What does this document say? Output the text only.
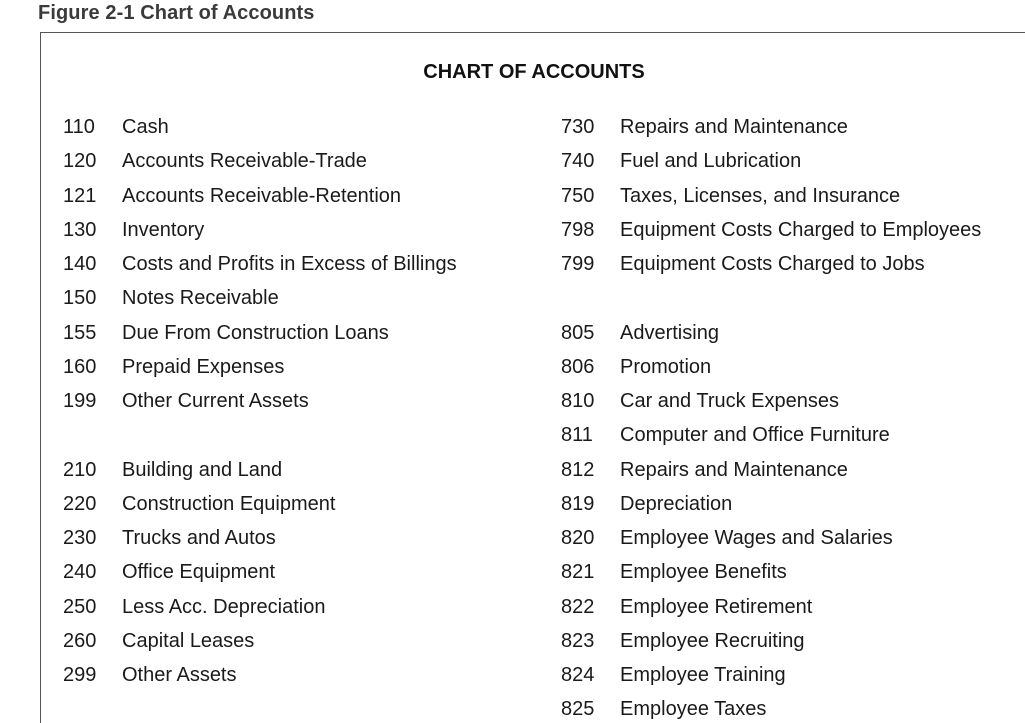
Figure 2-1 Chart of Accounts
CHART OF ACCOUNTS
110	Cash
120	Accounts Receivable-Trade
121	Accounts Receivable-Retention
130	Inventory
140	Costs and Profits in Excess of Billings
150	Notes Receivable
155	Due From Construction Loans
160	Prepaid Expenses
199	Other Current Assets
210	Building and Land
220	Construction Equipment
230	Trucks and Autos
240	Office Equipment
250	Less Acc. Depreciation
260	Capital Leases
299	Other Assets
730	Repairs and Maintenance
740	Fuel and Lubrication
750	Taxes, Licenses, and Insurance
798	Equipment Costs Charged to Employees
799	Equipment Costs Charged to Jobs
805	Advertising
806	Promotion
810	Car and Truck Expenses
811	Computer and Office Furniture
812	Repairs and Maintenance
819	Depreciation
820	Employee Wages and Salaries
821	Employee Benefits
822	Employee Retirement
823	Employee Recruiting
824	Employee Training
825	Employee Taxes
